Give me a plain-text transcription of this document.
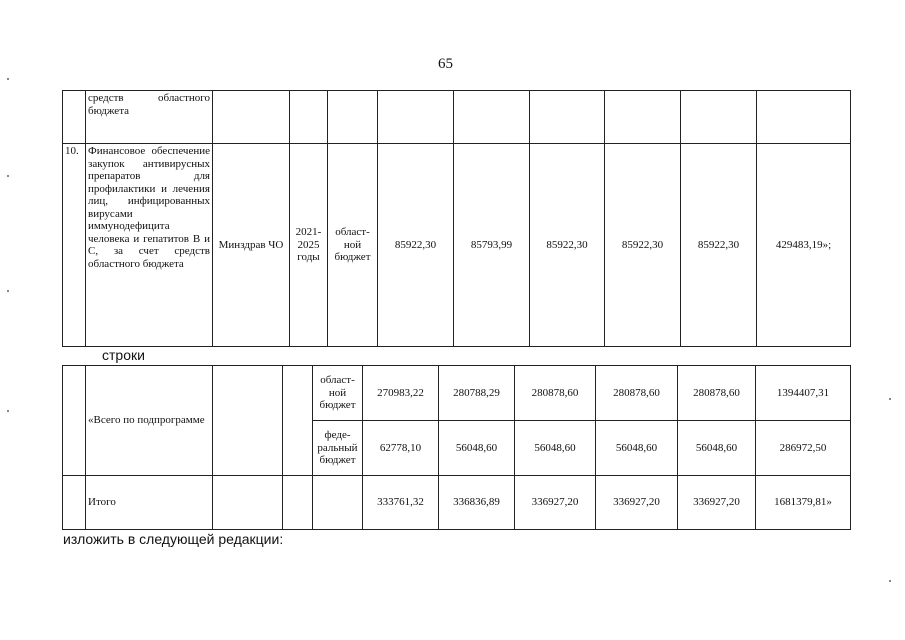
65
	средств областного бюджета									
10.	Финансовое обеспечение закупок антивирусных препаратов для профилактики и лечения лиц, инфицированных вирусами иммунодефицита человека и гепатитов В и С, за счет средств областного бюджета	Минздрав ЧО	2021-2025 годы	област-ной бюджет	85922,30	85793,99	85922,30	85922,30	85922,30	429483,19»;
строки
	«Всего по подпрограмме			област-ной бюджет	270983,22	280788,29	280878,60	280878,60	280878,60	1394407,31
				феде-ральный бюджет	62778,10	56048,60	56048,60	56048,60	56048,60	286972,50
	Итого				333761,32	336836,89	336927,20	336927,20	336927,20	1681379,81»
изложить в следующей редакции:
